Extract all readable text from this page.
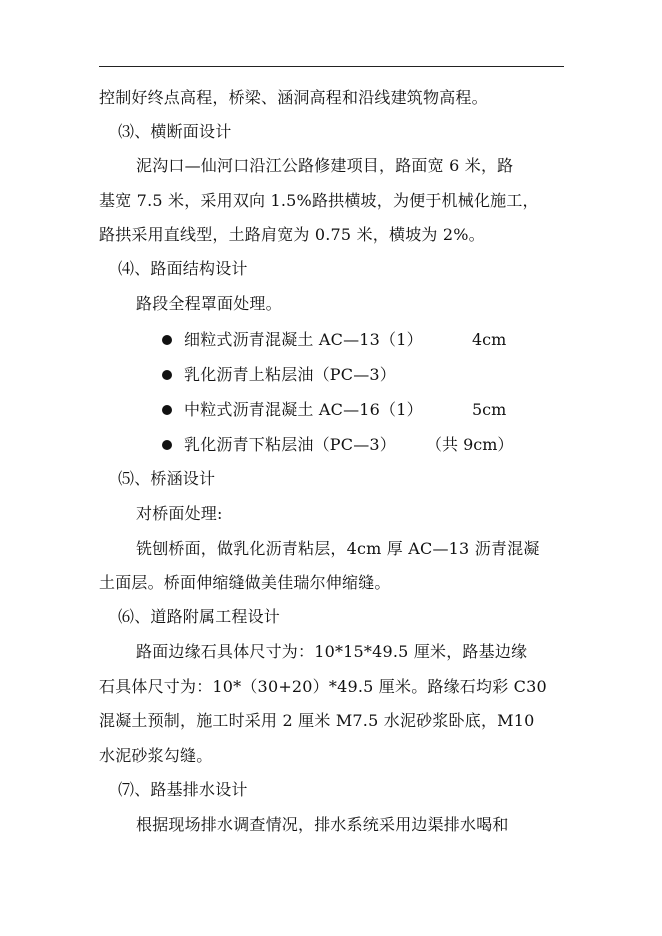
控制好终点高程，桥梁、涵洞高程和沿线建筑物高程。
⑶、横断面设计
泥沟口—仙河口沿江公路修建项目，路面宽 6 米，路
基宽 7.5 米，采用双向 1.5%路拱横坡，为便于机械化施工，
路拱采用直线型，土路肩宽为 0.75 米，横坡为 2%。
⑷、路面结构设计
路段全程罩面处理。
细粒式沥青混凝土 AC—13（1）	4cm
乳化沥青上粘层油（PC—3）
中粒式沥青混凝土 AC—16（1）	5cm
乳化沥青下粘层油（PC—3） （共 9cm）
⑸、桥涵设计
对桥面处理:
铣刨桥面，做乳化沥青粘层，4cm 厚 AC—13 沥青混凝
土面层。桥面伸缩缝做美佳瑞尔伸缩缝。
⑹、道路附属工程设计
路面边缘石具体尺寸为：10*15*49.5 厘米，路基边缘
石具体尺寸为：10*（30+20）*49.5 厘米。路缘石均彩 C30
混凝土预制，施工时采用 2 厘米 M7.5 水泥砂浆卧底，M10
水泥砂浆勾缝。
⑺、路基排水设计
根据现场排水调查情况，排水系统采用边渠排水喝和
